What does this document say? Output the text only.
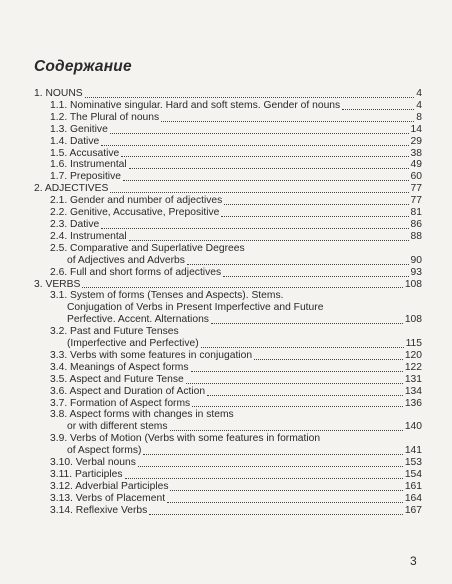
Содержание
1. NOUNS	4
1.1. Nominative singular. Hard and soft stems. Gender of nouns	4
1.2. The Plural of nouns	8
1.3. Genitive	14
1.4. Dative	29
1.5. Accusative	38
1.6. Instrumental	49
1.7. Prepositive	60
2. ADJECTIVES	77
2.1. Gender and number of adjectives	77
2.2. Genitive, Accusative, Prepositive	81
2.3. Dative	86
2.4. Instrumental	88
2.5. Comparative and Superlative Degrees
of Adjectives and Adverbs	90
2.6. Full and short forms of adjectives	93
3. VERBS	108
3.1. System of forms (Tenses and Aspects). Stems.
Conjugation of Verbs in Present Imperfective and Future
Perfective. Accent. Alternations	108
3.2. Past and Future Tenses
(Imperfective and Perfective)	115
3.3. Verbs with some features in conjugation	120
3.4. Meanings of Aspect forms	122
3.5. Aspect and Future Tense	131
3.6. Aspect and Duration of Action	134
3.7. Formation of Aspect forms	136
3.8. Aspect forms with changes in stems
or with different stems	140
3.9. Verbs of Motion (Verbs with some features in formation
of Aspect forms)	141
3.10. Verbal nouns	153
3.11. Participles	154
3.12. Adverbial Participles	161
3.13. Verbs of Placement	164
3.14. Reflexive Verbs	167
3
